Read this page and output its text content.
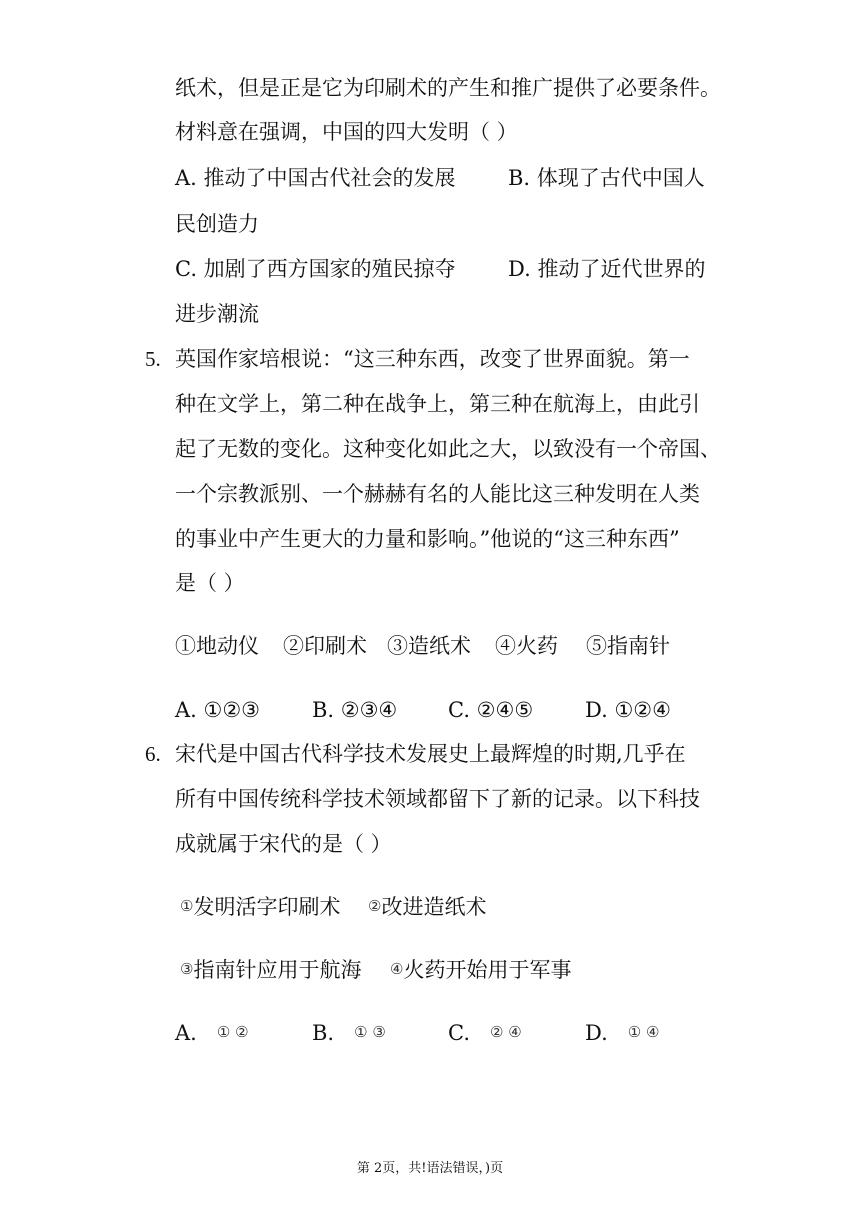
纸术，但是正是它为印刷术的产生和推广提供了必要条件。
材料意在强调，中国的四大发明（ ）
A. 推动了中国古代社会的发展 B. 体现了古代中国人
民创造力
C. 加剧了西方国家的殖民掠夺 D. 推动了近代世界的
进步潮流
5. 英国作家培根说：“这三种东西，改变了世界面貌。第一
种在文学上，第二种在战争上，第三种在航海上，由此引
起了无数的变化。这种变化如此之大，以致没有一个帝国、
一个宗教派别、一个赫赫有名的人能比这三种发明在人类
的事业中产生更大的力量和影响。”他说的“这三种东西”
是（ ）
①地动仪 ②印刷术 ③造纸术 ④火药 ⑤指南针
A. ①②③ B. ②③④ C. ②④⑤ D. ①②④
6. 宋代是中国古代科学技术发展史上最辉煌的时期,几乎在
所有中国传统科学技术领域都留下了新的记录。以下科技
成就属于宋代的是（ ）
①发明活字印刷术 ②改进造纸术
③指南针应用于航海 ④火药开始用于军事
A. ① ②	B. ① ③	C. ② ④	D. ① ④
第 2页，共!语法错误，)页
